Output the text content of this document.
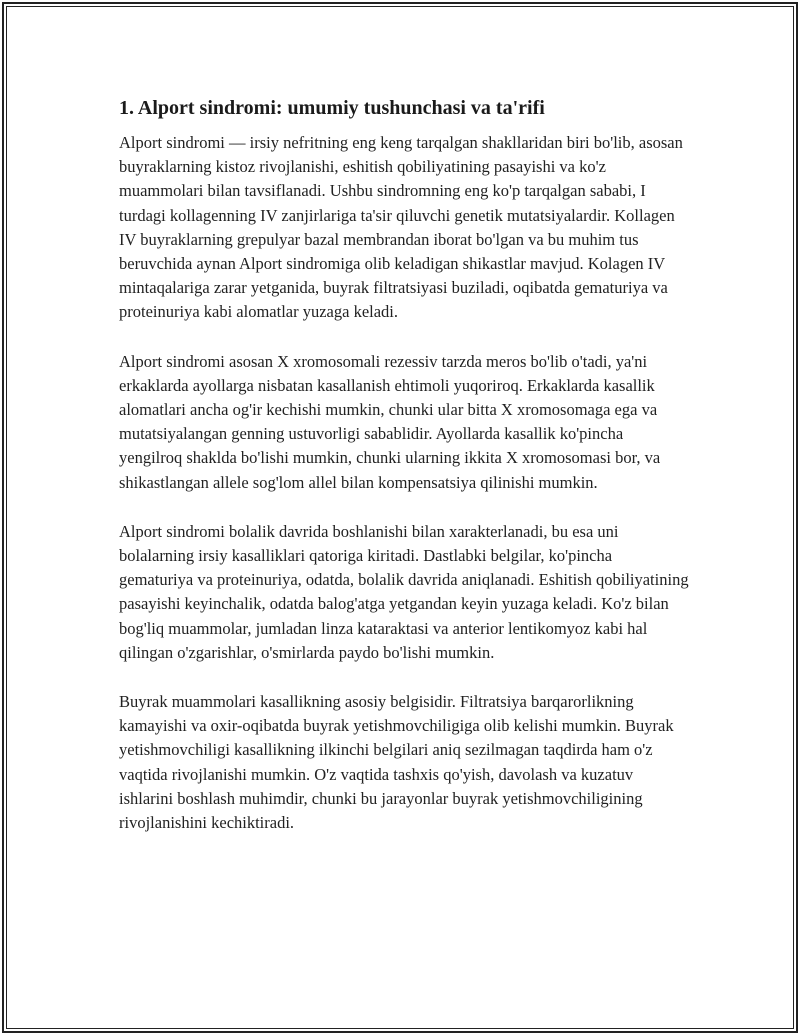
1. Alport sindromi: umumiy tushunchasi va ta'rifi

Alport sindromi — irsiy nefritning eng keng tarqalgan shakllaridan biri bo'lib, asosan buyraklarning kistoz rivojlanishi, eshitish qobiliyatining pasayishi va ko'z muammolari bilan tavsiflanadi. Ushbu sindromning eng ko'p tarqalgan sababi, I turdagi kollagenning IV zanjirlariga ta'sir qiluvchi genetik mutatsiyalardir. Kollagen IV buyraklarning grepulyar bazal membrandan iborat bo'lgan va bu muhim tus beruvchida aynan Alport sindromiga olib keladigan shikastlar mavjud. Kolagen IV mintaqalariga zarar yetganida, buyrak filtratsiyasi buziladi, oqibatda gematuriya va proteinuriya kabi alomatlar yuzaga keladi.

Alport sindromi asosan X xromosomali rezessiv tarzda meros bo'lib o'tadi, ya'ni erkaklarda ayollarga nisbatan kasallanish ehtimoli yuqoriroq. Erkaklarda kasallik alomatlari ancha og'ir kechishi mumkin, chunki ular bitta X xromosomaga ega va mutatsiyalangan genning ustuvorligi sabablidir. Ayollarda kasallik ko'pincha yengilroq shaklda bo'lishi mumkin, chunki ularning ikkita X xromosomasi bor, va shikastlangan allele sog'lom allel bilan kompensatsiya qilinishi mumkin.

Alport sindromi bolalik davrida boshlanishi bilan xarakterlanadi, bu esa uni bolalarning irsiy kasalliklari qatoriga kiritadi. Dastlabki belgilar, ko'pincha gematuriya va proteinuriya, odatda, bolalik davrida aniqlanadi. Eshitish qobiliyatining pasayishi keyinchalik, odatda balog'atga yetgandan keyin yuzaga keladi. Ko'z bilan bog'liq muammolar, jumladan linza kataraktasi va anterior lentikomyoz kabi hal qilingan o'zgarishlar, o'smirlarda paydo bo'lishi mumkin.

Buyrak muammolari kasallikning asosiy belgisidir. Filtratsiya barqarorlikning kamayishi va oxir-oqibatda buyrak yetishmovchiligiga olib kelishi mumkin. Buyrak yetishmovchiligi kasallikning ilkinchi belgilari aniq sezilmagan taqdirda ham o'z vaqtida rivojlanishi mumkin. O'z vaqtida tashxis qo'yish, davolash va kuzatuv ishlarini boshlash muhimdir, chunki bu jarayonlar buyrak yetishmovchiligining rivojlanishini kechiktiradi.
